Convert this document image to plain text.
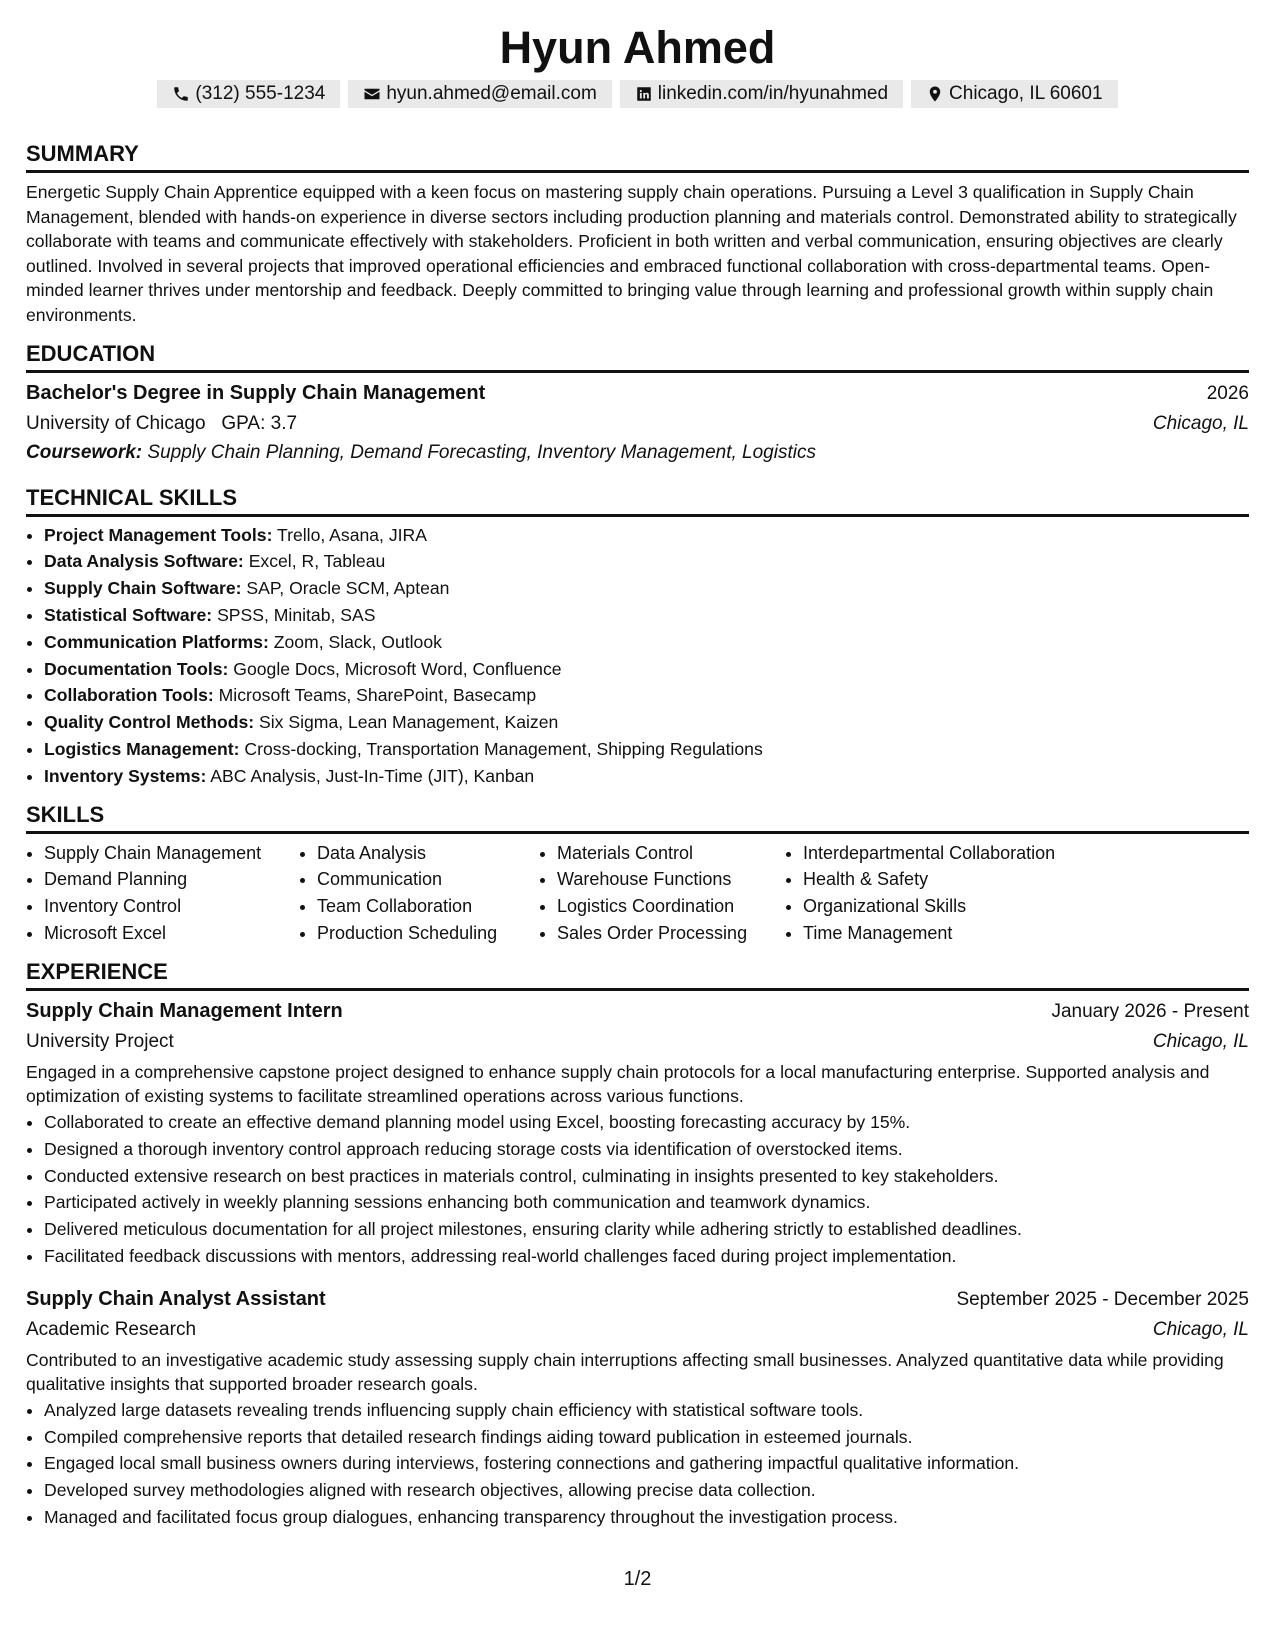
Hyun Ahmed
(312) 555-1234	hyun.ahmed@email.com	linkedin.com/in/hyunahmed	Chicago, IL 60601
SUMMARY

Energetic Supply Chain Apprentice equipped with a keen focus on mastering supply chain operations. Pursuing a Level 3 qualification in Supply Chain Management, blended with hands-on experience in diverse sectors including production planning and materials control. Demonstrated ability to strategically collaborate with teams and communicate effectively with stakeholders. Proficient in both written and verbal communication, ensuring objectives are clearly outlined. Involved in several projects that improved operational efficiencies and embraced functional collaboration with cross-departmental teams. Open-minded learner thrives under mentorship and feedback. Deeply committed to bringing value through learning and professional growth within supply chain environments.

EDUCATION
Bachelor's Degree in Supply Chain Management	2026
University of Chicago GPA: 3.7	Chicago, IL
Coursework: Supply Chain Planning, Demand Forecasting, Inventory Management, Logistics
TECHNICAL SKILLS
• Project Management Tools: Trello, Asana, JIRA
• Data Analysis Software: Excel, R, Tableau
• Supply Chain Software: SAP, Oracle SCM, Aptean
• Statistical Software: SPSS, Minitab, SAS
• Communication Platforms: Zoom, Slack, Outlook
• Documentation Tools: Google Docs, Microsoft Word, Confluence
• Collaboration Tools: Microsoft Teams, SharePoint, Basecamp
• Quality Control Methods: Six Sigma, Lean Management, Kaizen
• Logistics Management: Cross-docking, Transportation Management, Shipping Regulations
• Inventory Systems: ABC Analysis, Just-In-Time (JIT), Kanban
SKILLS
• Supply Chain Management
• Demand Planning
• Inventory Control
• Microsoft Excel
• Data Analysis
• Communication
• Team Collaboration
• Production Scheduling
• Materials Control
• Warehouse Functions
• Logistics Coordination
• Sales Order Processing
• Interdepartmental Collaboration
• Health & Safety
• Organizational Skills
• Time Management
EXPERIENCE
Supply Chain Management Intern	January 2026 - Present
University Project	Chicago, IL

Engaged in a comprehensive capstone project designed to enhance supply chain protocols for a local manufacturing enterprise. Supported analysis and optimization of existing systems to facilitate streamlined operations across various functions.

• Collaborated to create an effective demand planning model using Excel, boosting forecasting accuracy by 15%.
• Designed a thorough inventory control approach reducing storage costs via identification of overstocked items.
• Conducted extensive research on best practices in materials control, culminating in insights presented to key stakeholders.
• Participated actively in weekly planning sessions enhancing both communication and teamwork dynamics.
• Delivered meticulous documentation for all project milestones, ensuring clarity while adhering strictly to established deadlines.
• Facilitated feedback discussions with mentors, addressing real-world challenges faced during project implementation.
Supply Chain Analyst Assistant	September 2025 - December 2025
Academic Research	Chicago, IL

Contributed to an investigative academic study assessing supply chain interruptions affecting small businesses. Analyzed quantitative data while providing qualitative insights that supported broader research goals.

• Analyzed large datasets revealing trends influencing supply chain efficiency with statistical software tools.
• Compiled comprehensive reports that detailed research findings aiding toward publication in esteemed journals.
• Engaged local small business owners during interviews, fostering connections and gathering impactful qualitative information.
• Developed survey methodologies aligned with research objectives, allowing precise data collection.
• Managed and facilitated focus group dialogues, enhancing transparency throughout the investigation process.
1/2
